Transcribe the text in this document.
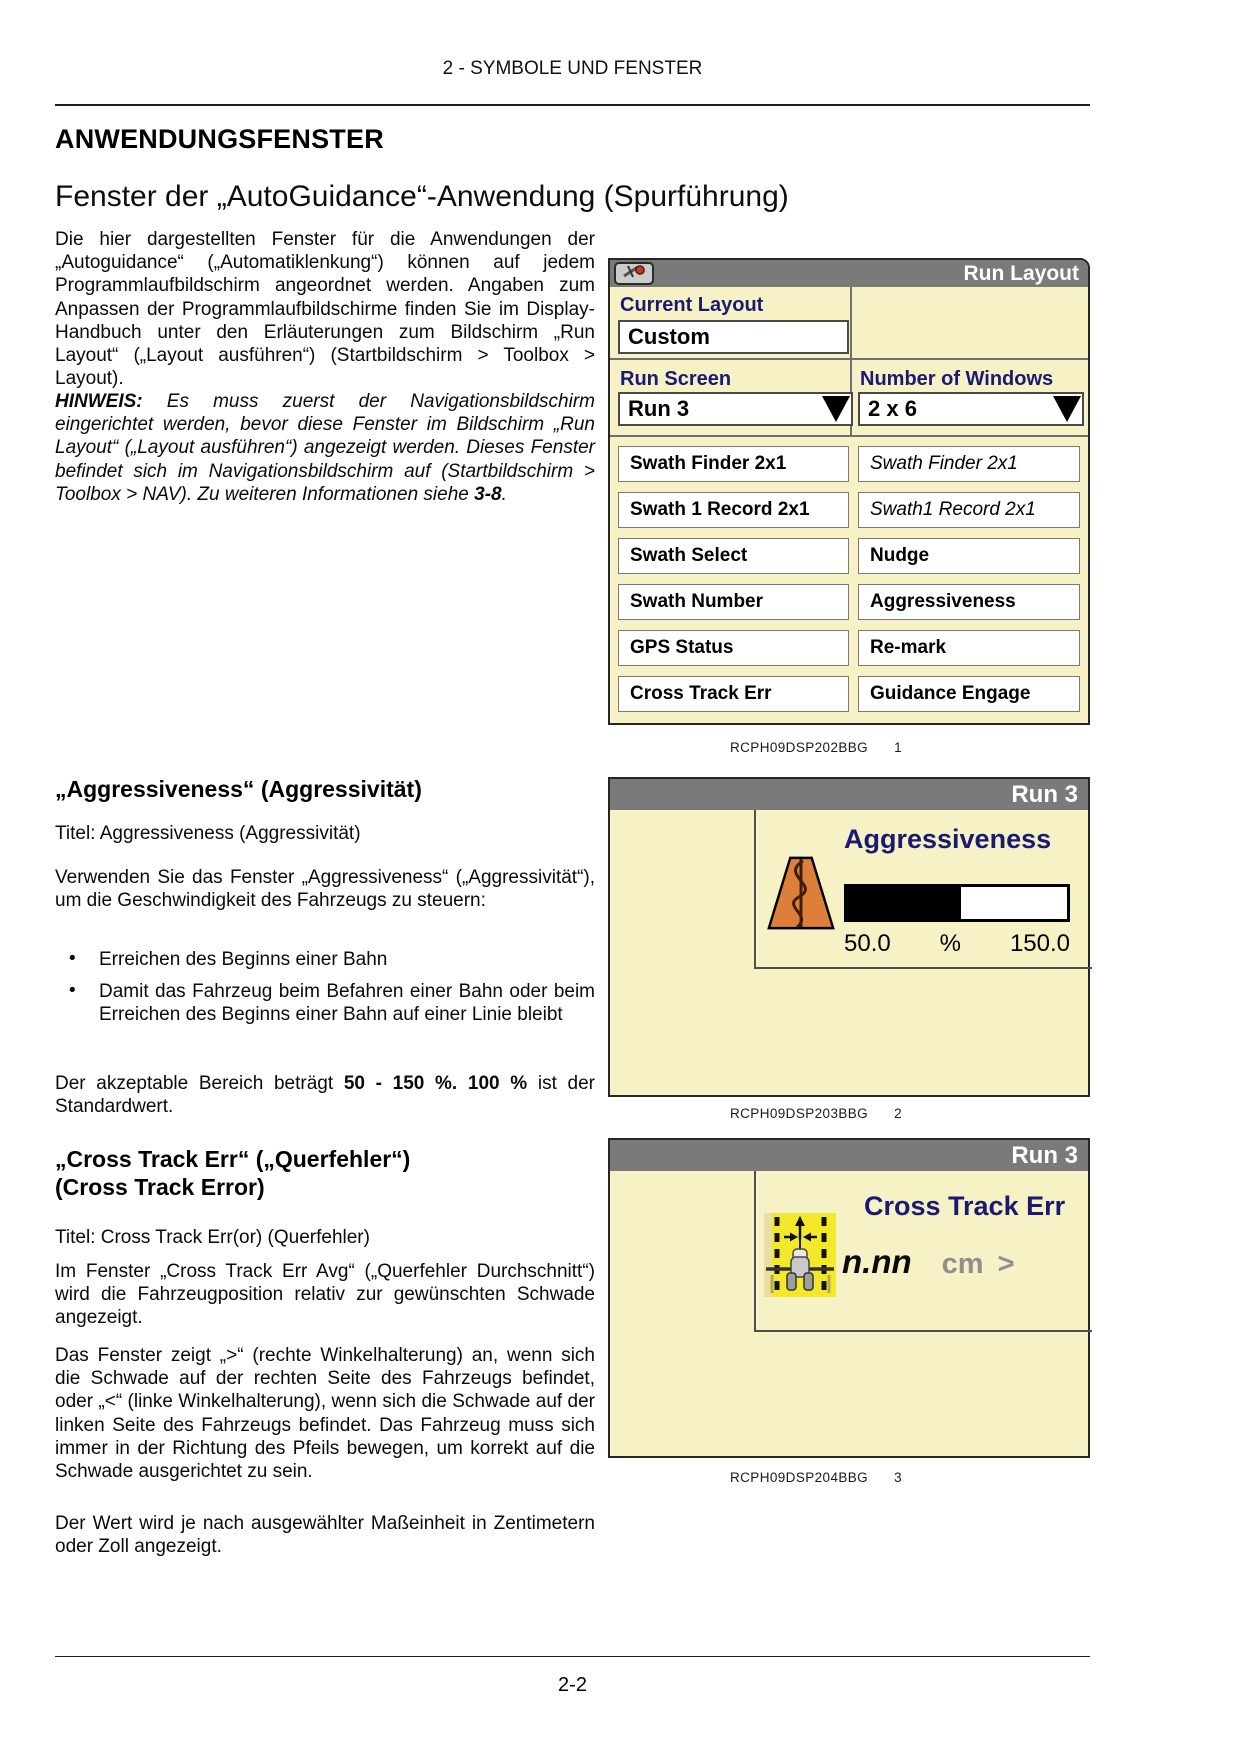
2 - SYMBOLE UND FENSTER
ANWENDUNGSFENSTER
Fenster der „AutoGuidance“-Anwendung (Spurführung)
Die hier dargestellten Fenster für die Anwendungen der „Autoguidance“ („Automatiklenkung“) können auf jedem Programmlaufbildschirm angeordnet werden. Angaben zum Anpassen der Programmlaufbildschirme finden Sie im Display-Handbuch unter den Erläuterungen zum Bildschirm „Run Layout“ („Layout ausführen“) (Startbildschirm > Toolbox > Layout).
HINWEIS: Es muss zuerst der Navigationsbildschirm eingerichtet werden, bevor diese Fenster im Bildschirm „Run Layout“ („Layout ausführen“) angezeigt werden. Dieses Fenster befindet sich im Navigationsbildschirm auf (Startbildschirm > Toolbox > NAV). Zu weiteren Informationen siehe 3-8.
Run Layout
Current Layout
Custom
Run Screen
Run 3
Number of Windows
2 x 6
Swath Finder 2x1
Swath 1 Record 2x1
Swath Select
Swath Number
GPS Status
Cross Track Err
Swath Finder 2x1
Swath1 Record 2x1
Nudge
Aggressiveness
Re-mark
Guidance Engage
RCPH09DSP202BBG 1
„Aggressiveness“ (Aggressivität)
Titel: Aggressiveness (Aggressivität)
Verwenden Sie das Fenster „Aggressiveness“ („Aggressivität“), um die Geschwindigkeit des Fahrzeugs zu steuern:
• Erreichen des Beginns einer Bahn
• Damit das Fahrzeug beim Befahren einer Bahn oder beim Erreichen des Beginns einer Bahn auf einer Linie bleibt
Der akzeptable Bereich beträgt 50 - 150 %. 100 % ist der Standardwert.
Run 3
Aggressiveness
50.0 % 150.0
RCPH09DSP203BBG 2
„Cross Track Err“ („Querfehler“)
(Cross Track Error)
Titel: Cross Track Err(or) (Querfehler)
Im Fenster „Cross Track Err Avg“ („Querfehler Durchschnitt“) wird die Fahrzeugposition relativ zur gewünschten Schwade angezeigt.
Das Fenster zeigt „>“ (rechte Winkelhalterung) an, wenn sich die Schwade auf der rechten Seite des Fahrzeugs befindet, oder „<“ (linke Winkelhalterung), wenn sich die Schwade auf der linken Seite des Fahrzeugs befindet. Das Fahrzeug muss sich immer in der Richtung des Pfeils bewegen, um korrekt auf die Schwade ausgerichtet zu sein.
Der Wert wird je nach ausgewählter Maßeinheit in Zentimetern oder Zoll angezeigt.
Run 3
Cross Track Err
n.nn cm >
RCPH09DSP204BBG 3
2-2
